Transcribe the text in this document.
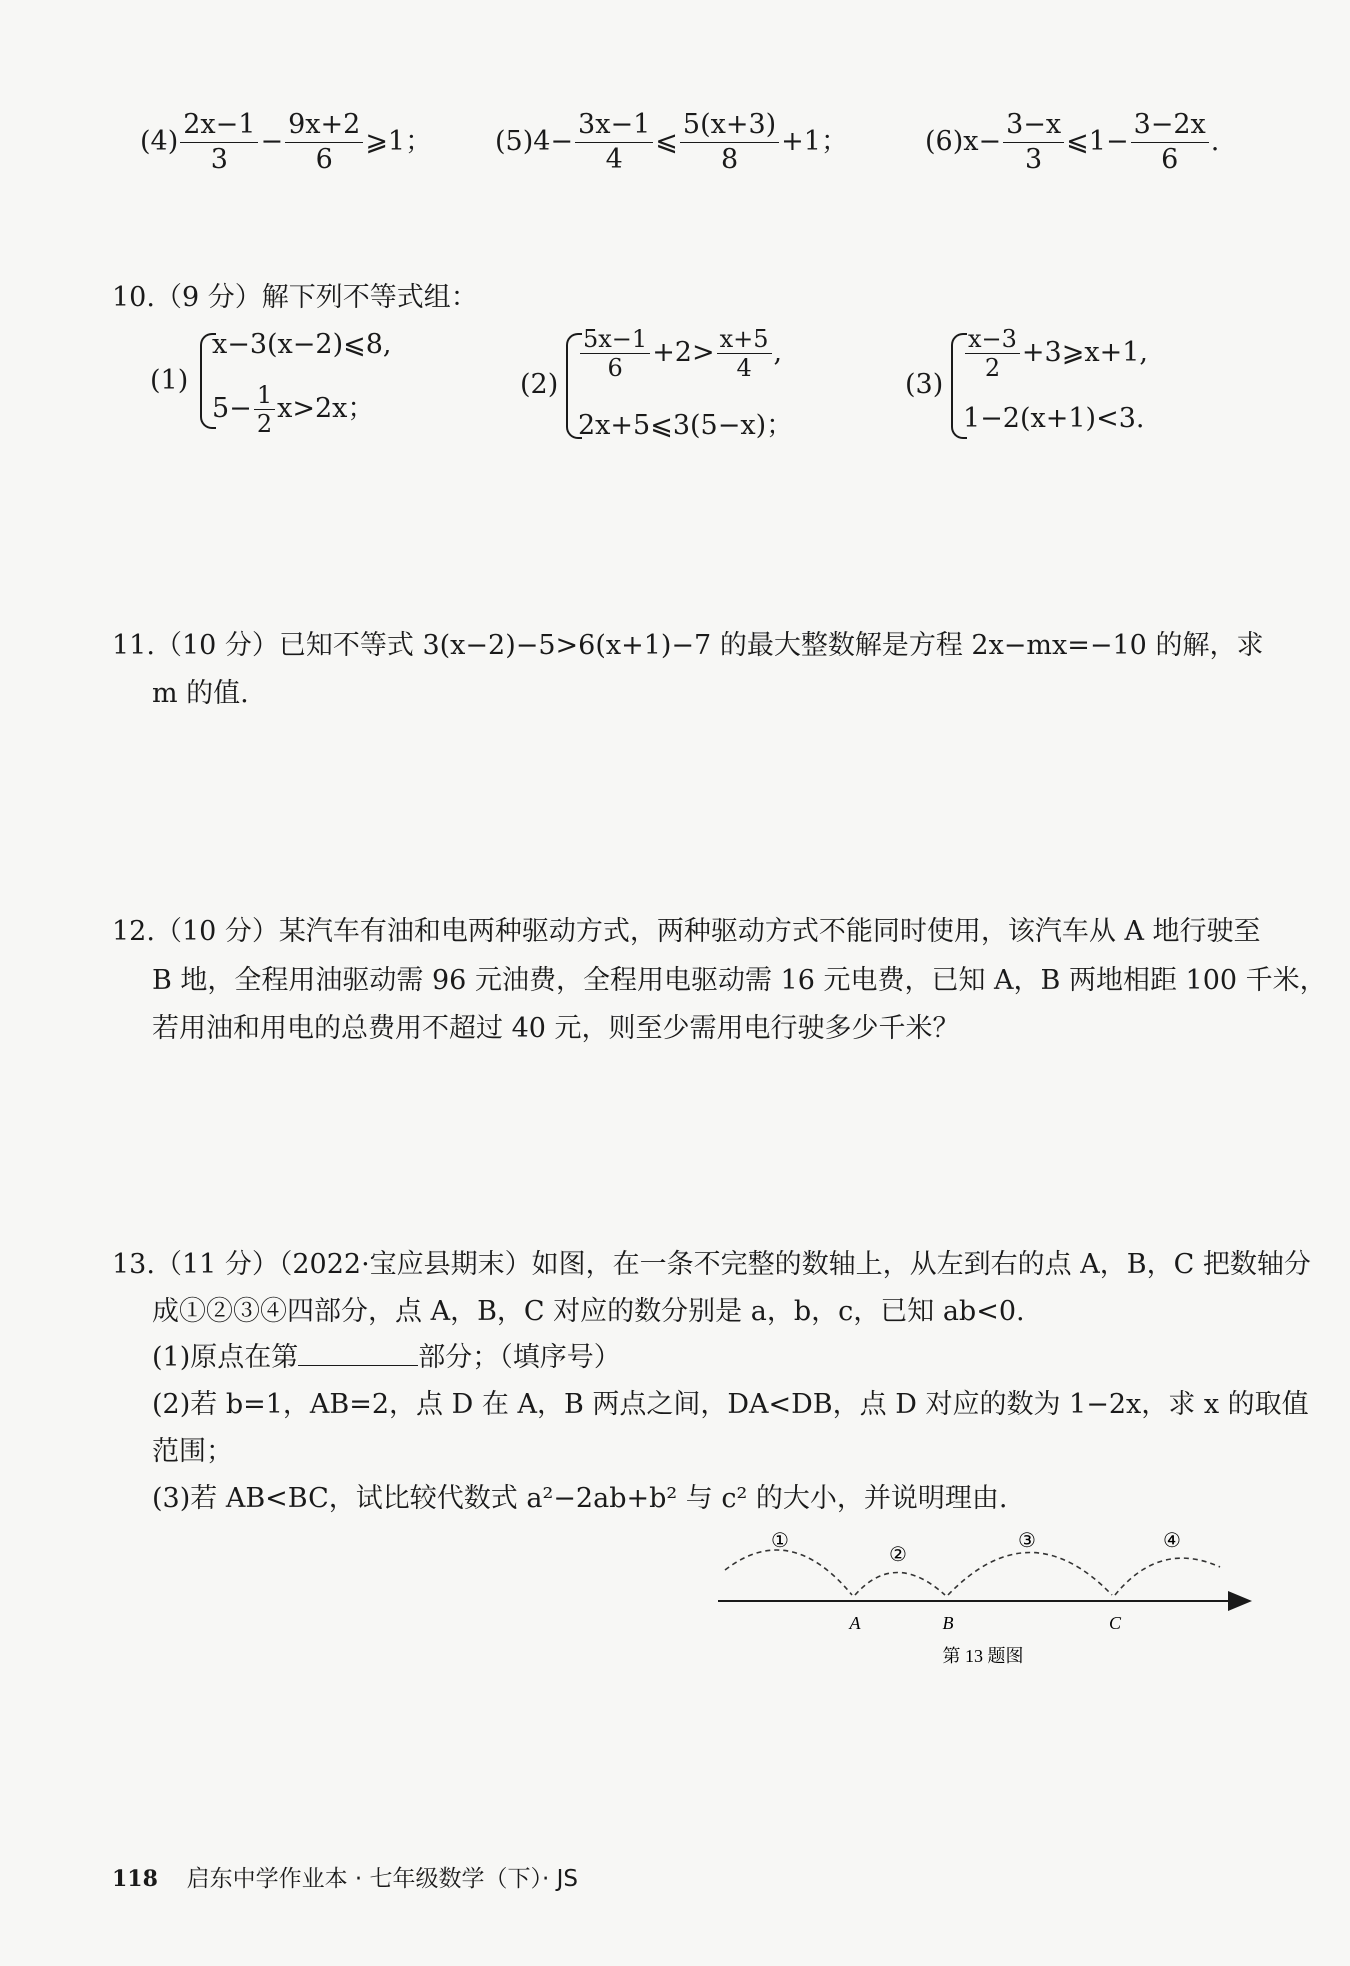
$(4) \frac{2x-1}{3} - \frac{9x+2}{6}$ ⩾1； $(5)4- \frac{3x-1}{4}$ ⩽ $\frac{5(x+3)}{8} +1$；	$(6)x- \frac{3-x}{3}$ ⩽1− $\frac{3-2x}{6}$ .
10.（9 分）解下列不等式组：
(1)
x−3(x−2)⩽8,
$5- \frac{1}{2} x>2x$；
(2)
$\frac{5x-1}{6} +2> \frac{x+5}{4}$ ,
2x+5⩽3(5−x)；
(3)
$\frac{x-3}{2}$ +3⩾x+1,
1−2(x+1)<3.
11.（10 分）已知不等式 3(x−2)−5>6(x+1)−7 的最大整数解是方程 2x−mx=−10 的解，求
m 的值.
12.（10 分）某汽车有油和电两种驱动方式，两种驱动方式不能同时使用，该汽车从 A 地行驶至
B 地，全程用油驱动需 96 元油费，全程用电驱动需 16 元电费，已知 A，B 两地相距 100 千米，
若用油和用电的总费用不超过 40 元，则至少需用电行驶多少千米？
13.（11 分）（2022·宝应县期末）如图，在一条不完整的数轴上，从左到右的点 A，B，C 把数轴分
成①②③④四部分，点 A，B，C 对应的数分别是 a，b，c，已知 ab<0.
(1)原点在第	部分；（填序号）
(2)若 b=1，AB=2，点 D 在 A，B 两点之间，DA<DB，点 D 对应的数为 1−2x，求 x 的取值
范围；
(3)若 AB<BC，试比较代数式 a²−2ab+b² 与 c² 的大小，并说明理由.
①
②
③	④
A	B	C
第 13 题图
118 启东中学作业本 · 七年级数学（下）· JS
